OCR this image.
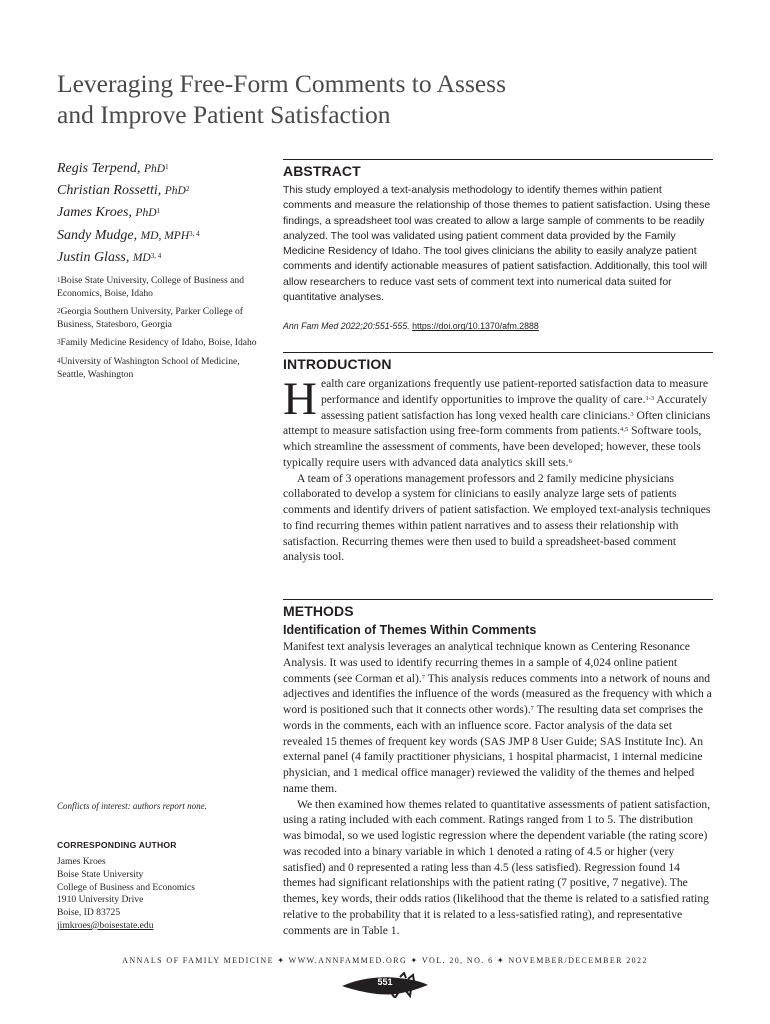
Leveraging Free-Form Comments to Assess
and Improve Patient Satisfaction
Regis Terpend, PhD$^1$
Christian Rossetti, PhD$^2$
James Kroes, PhD$^1$
Sandy Mudge, MD, MPH$^{3, 4}$
Justin Glass, MD$^{3, 4}$
$^1$Boise State University, College of Business and Economics, Boise, Idaho
$^2$Georgia Southern University, Parker College of Business, Statesboro, Georgia
$^3$Family Medicine Residency of Idaho, Boise, Idaho
$^4$University of Washington School of Medicine, Seattle, Washington
Conflicts of interest: authors report none.
CORRESPONDING AUTHOR
James Kroes
Boise State University
College of Business and Economics
1910 University Drive
Boise, ID 83725
jimkroes@boisestate.edu
ABSTRACT

This study employed a text-analysis methodology to identify themes within patient comments and measure the relationship of those themes to patient satisfaction. Using these findings, a spreadsheet tool was created to allow a large sample of comments to be readily analyzed. The tool was validated using patient comment data provided by the Family Medicine Residency of Idaho. The tool gives clinicians the ability to easily analyze patient comments and identify actionable measures of patient satisfaction. Additionally, this tool will allow researchers to reduce vast sets of comment text into numerical data suited for quantitative analyses.

Ann Fam Med 2022;20:551-555. https://doi.org/10.1370/afm.2888
INTRODUCTION

Health care organizations frequently use patient-reported satisfaction data to measure performance and identify opportunities to improve the quality of care.$^{1-3}$ Accurately assessing patient satisfaction has long vexed health care clinicians.$^3$ Often clinicians attempt to measure satisfaction using free-form comments from patients.$^{4,5}$ Software tools, which streamline the assessment of comments, have been developed; however, these tools typically require users with advanced data analytics skill sets.$^6$

A team of 3 operations management professors and 2 family medicine physicians collaborated to develop a system for clinicians to easily analyze large sets of patients comments and identify drivers of patient satisfaction. We employed text-analysis techniques to find recurring themes within patient narratives and to assess their relationship with satisfaction. Recurring themes were then used to build a spreadsheet-based comment analysis tool.

METHODS
Identification of Themes Within Comments

Manifest text analysis leverages an analytical technique known as Centering Resonance Analysis. It was used to identify recurring themes in a sample of 4,024 online patient comments (see Corman et al).$^7$ This analysis reduces comments into a network of nouns and adjectives and identifies the influence of the words (measured as the frequency with which a word is positioned such that it connects other words).$^7$ The resulting data set comprises the words in the comments, each with an influence score. Factor analysis of the data set revealed 15 themes of frequent key words (SAS JMP 8 User Guide; SAS Institute Inc). An external panel (4 family practitioner physicians, 1 hospital pharmacist, 1 internal medicine physician, and 1 medical office manager) reviewed the validity of the themes and helped name them.

We then examined how themes related to quantitative assessments of patient satisfaction, using a rating included with each comment. Ratings ranged from 1 to 5. The distribution was bimodal, so we used logistic regression where the dependent variable (the rating score) was recoded into a binary variable in which 1 denoted a rating of 4.5 or higher (very satisfied) and 0 represented a rating less than 4.5 (less satisfied). Regression found 14 themes had significant relationships with the patient rating (7 positive, 7 negative). The themes, key words, their odds ratios (likelihood that the theme is related to a satisfied rating relative to the probability that it is related to a less-satisfied rating), and representative comments are in Table 1.

ANNALS OF FAMILY MEDICINE ✦ WWW.ANNFAMMED.ORG ✦ VOL. 20, NO. 6 ✦ NOVEMBER/DECEMBER 2022
551
